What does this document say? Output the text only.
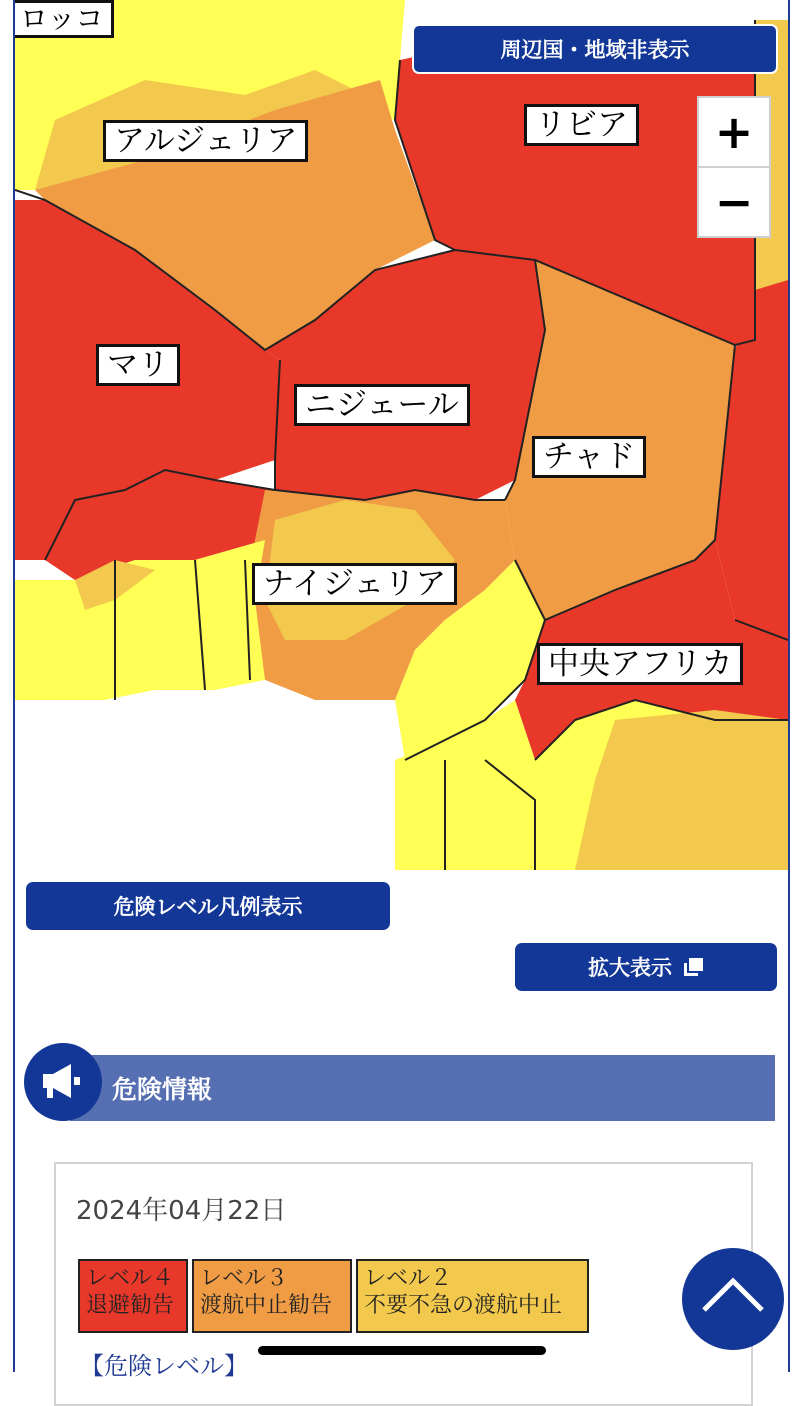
ロッコ
アルジェリア	リビア
マリ
ニジェール
チャド
ナイジェリア
中央アフリカ
周辺国・地域非表示
+
−
危険レベル凡例表示
拡大表示
危険情報
2024年04月22日
レベル４
退避勧告
レベル３
渡航中止勧告
レベル２
不要不急の渡航中止
【危険レベル】
